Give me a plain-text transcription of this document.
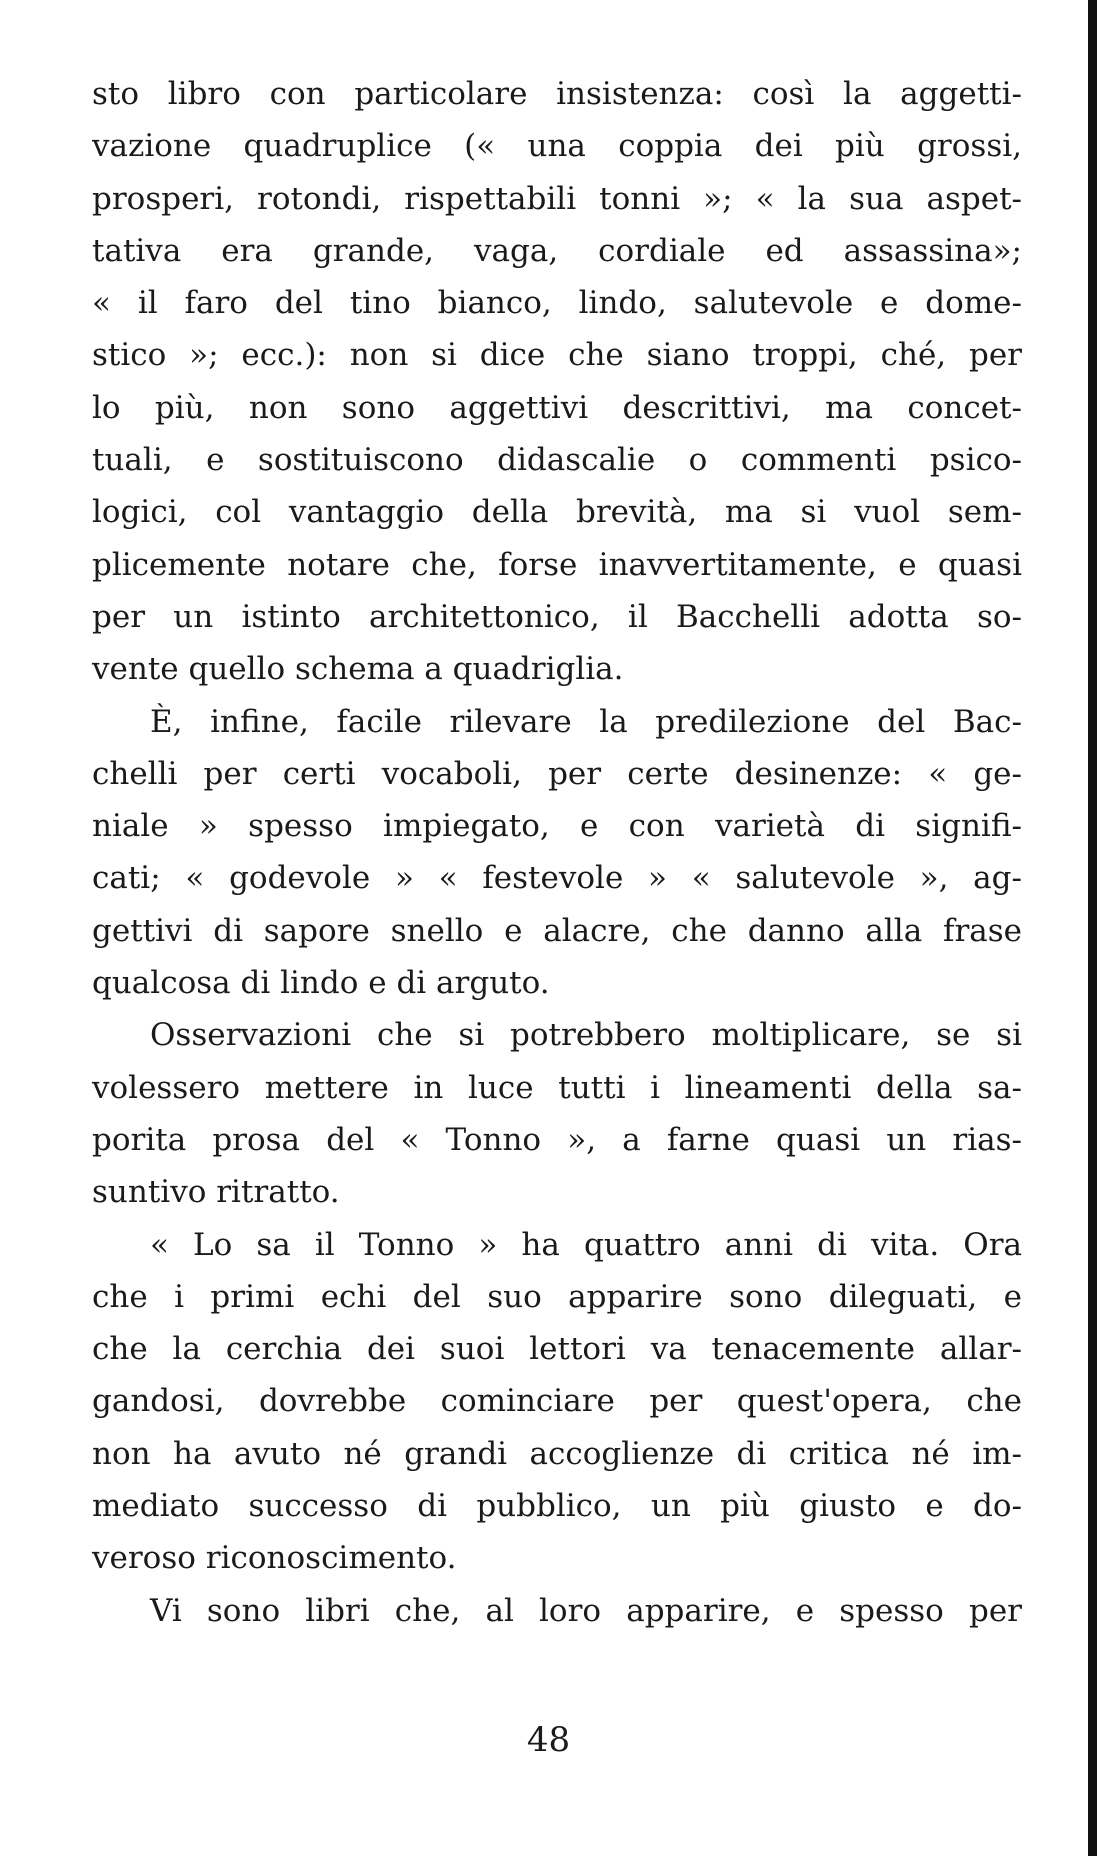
sto libro con particolare insistenza: così la aggetti-
vazione quadruplice (« una coppia dei più grossi,
prosperi, rotondi, rispettabili tonni »; « la sua aspet-
tativa era grande, vaga, cordiale ed assassina»;
« il faro del tino bianco, lindo, salutevole e dome-
stico »; ecc.): non si dice che siano troppi, ché, per
lo più, non sono aggettivi descrittivi, ma concet-
tuali, e sostituiscono didascalie o commenti psico-
logici, col vantaggio della brevità, ma si vuol sem-
plicemente notare che, forse inavvertitamente, e quasi
per un istinto architettonico, il Bacchelli adotta so-
vente quello schema a quadriglia.
È, infine, facile rilevare la predilezione del Bac-
chelli per certi vocaboli, per certe desinenze: « ge-
niale » spesso impiegato, e con varietà di signifi-
cati; « godevole » « festevole » « salutevole », ag-
gettivi di sapore snello e alacre, che danno alla frase
qualcosa di lindo e di arguto.
Osservazioni che si potrebbero moltiplicare, se si
volessero mettere in luce tutti i lineamenti della sa-
porita prosa del « Tonno », a farne quasi un rias-
suntivo ritratto.
« Lo sa il Tonno » ha quattro anni di vita. Ora
che i primi echi del suo apparire sono dileguati, e
che la cerchia dei suoi lettori va tenacemente allar-
gandosi, dovrebbe cominciare per quest'opera, che
non ha avuto né grandi accoglienze di critica né im-
mediato successo di pubblico, un più giusto e do-
veroso riconoscimento.
Vi sono libri che, al loro apparire, e spesso per
48
